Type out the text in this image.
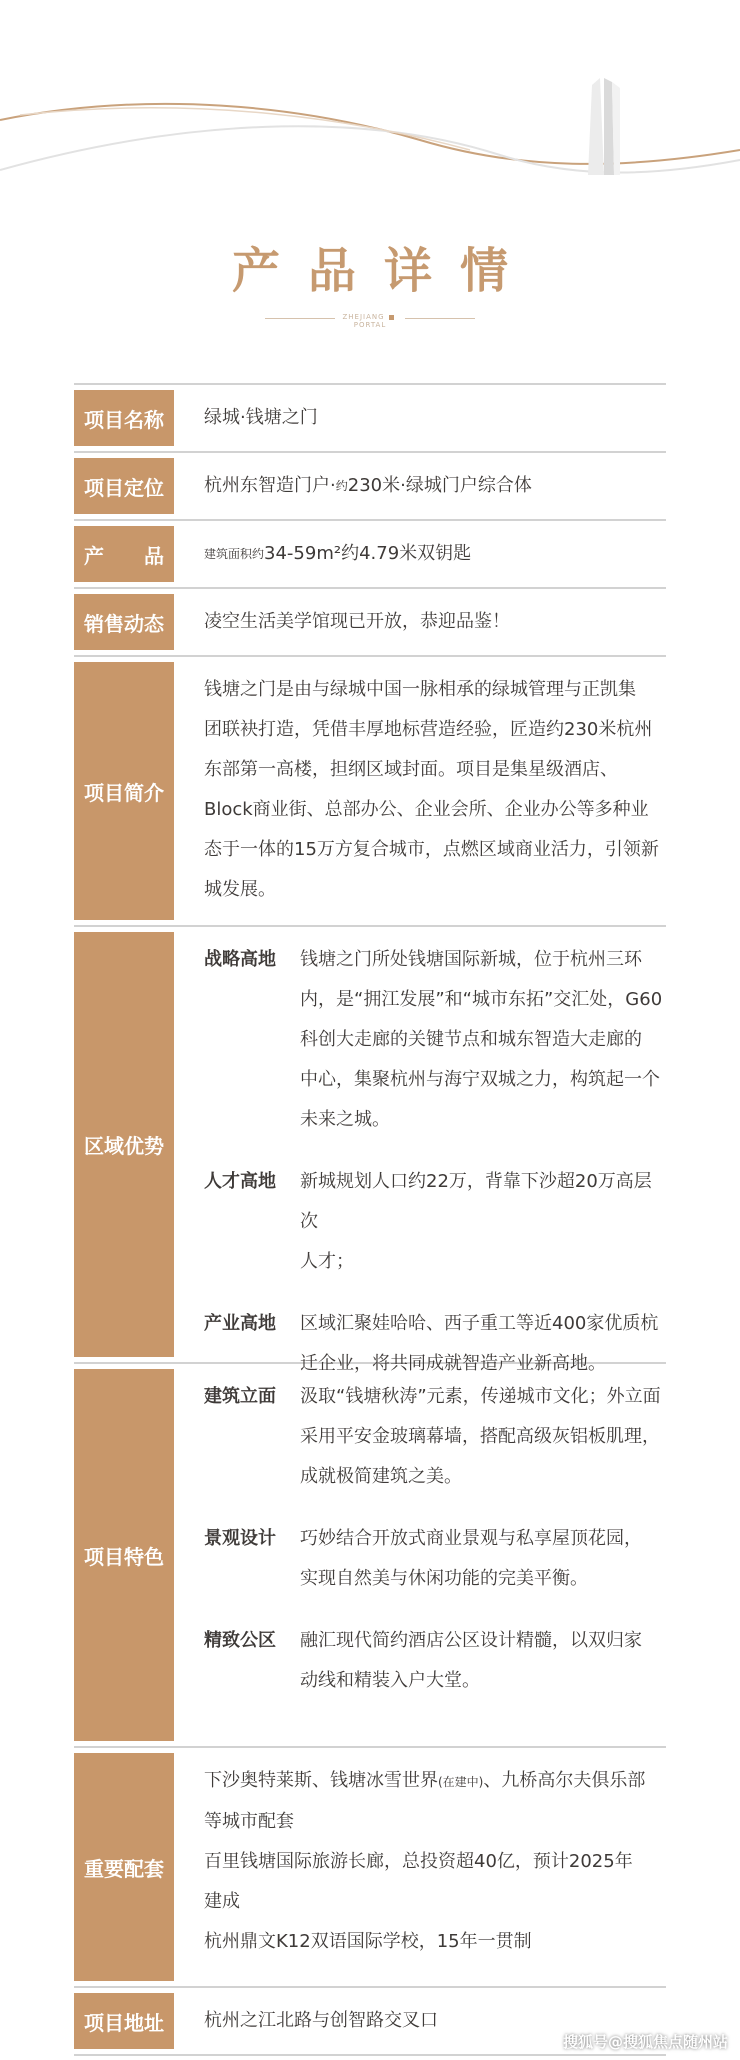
产品详情
ZHEJIANGPORTAL
项目名称	绿城·钱塘之门
项目定位	杭州东智造门户· 约 230米·绿城门户综合体
产 品	建筑面积约 34-59m²约4.79米双钥匙
销售动态	凌空生活美学馆现已开放，恭迎品鉴！
项目简介
钱塘之门是由与绿城中国一脉相承的绿城管理与正凯集
团联袂打造，凭借丰厚地标营造经验，匠造约230米杭州
东部第一高楼，担纲区域封面。项目是集星级酒店、
Block商业街、总部办公、企业会所、企业办公等多种业
态于一体的15万方复合城市，点燃区域商业活力，引领新
城发展。
区域优势
战略高地	钱塘之门所处钱塘国际新城，位于杭州三环
内，是“拥江发展”和“城市东拓”交汇处，G60
科创大走廊的关键节点和城东智造大走廊的
中心，集聚杭州与海宁双城之力，构筑起一个
未来之城。
人才高地	新城规划人口约22万，背靠下沙超20万高层次
人才；
产业高地	区域汇聚娃哈哈、西子重工等近400家优质杭
迁企业，将共同成就智造产业新高地。
项目特色
建筑立面	汲取“钱塘秋涛”元素，传递城市文化；外立面
采用平安金玻璃幕墙，搭配高级灰铝板肌理，
成就极简建筑之美。
景观设计	巧妙结合开放式商业景观与私享屋顶花园，
实现自然美与休闲功能的完美平衡。
精致公区	融汇现代简约酒店公区设计精髓，以双归家
动线和精装入户大堂。
重要配套
下沙奥特莱斯、钱塘冰雪世界(在建中)、九桥高尔夫俱乐部
等城市配套
百里钱塘国际旅游长廊，总投资超40亿，预计2025年
建成
杭州鼎文K12双语国际学校，15年一贯制
项目地址	杭州之江北路与创智路交叉口
搜狐号@搜狐焦点随州站
